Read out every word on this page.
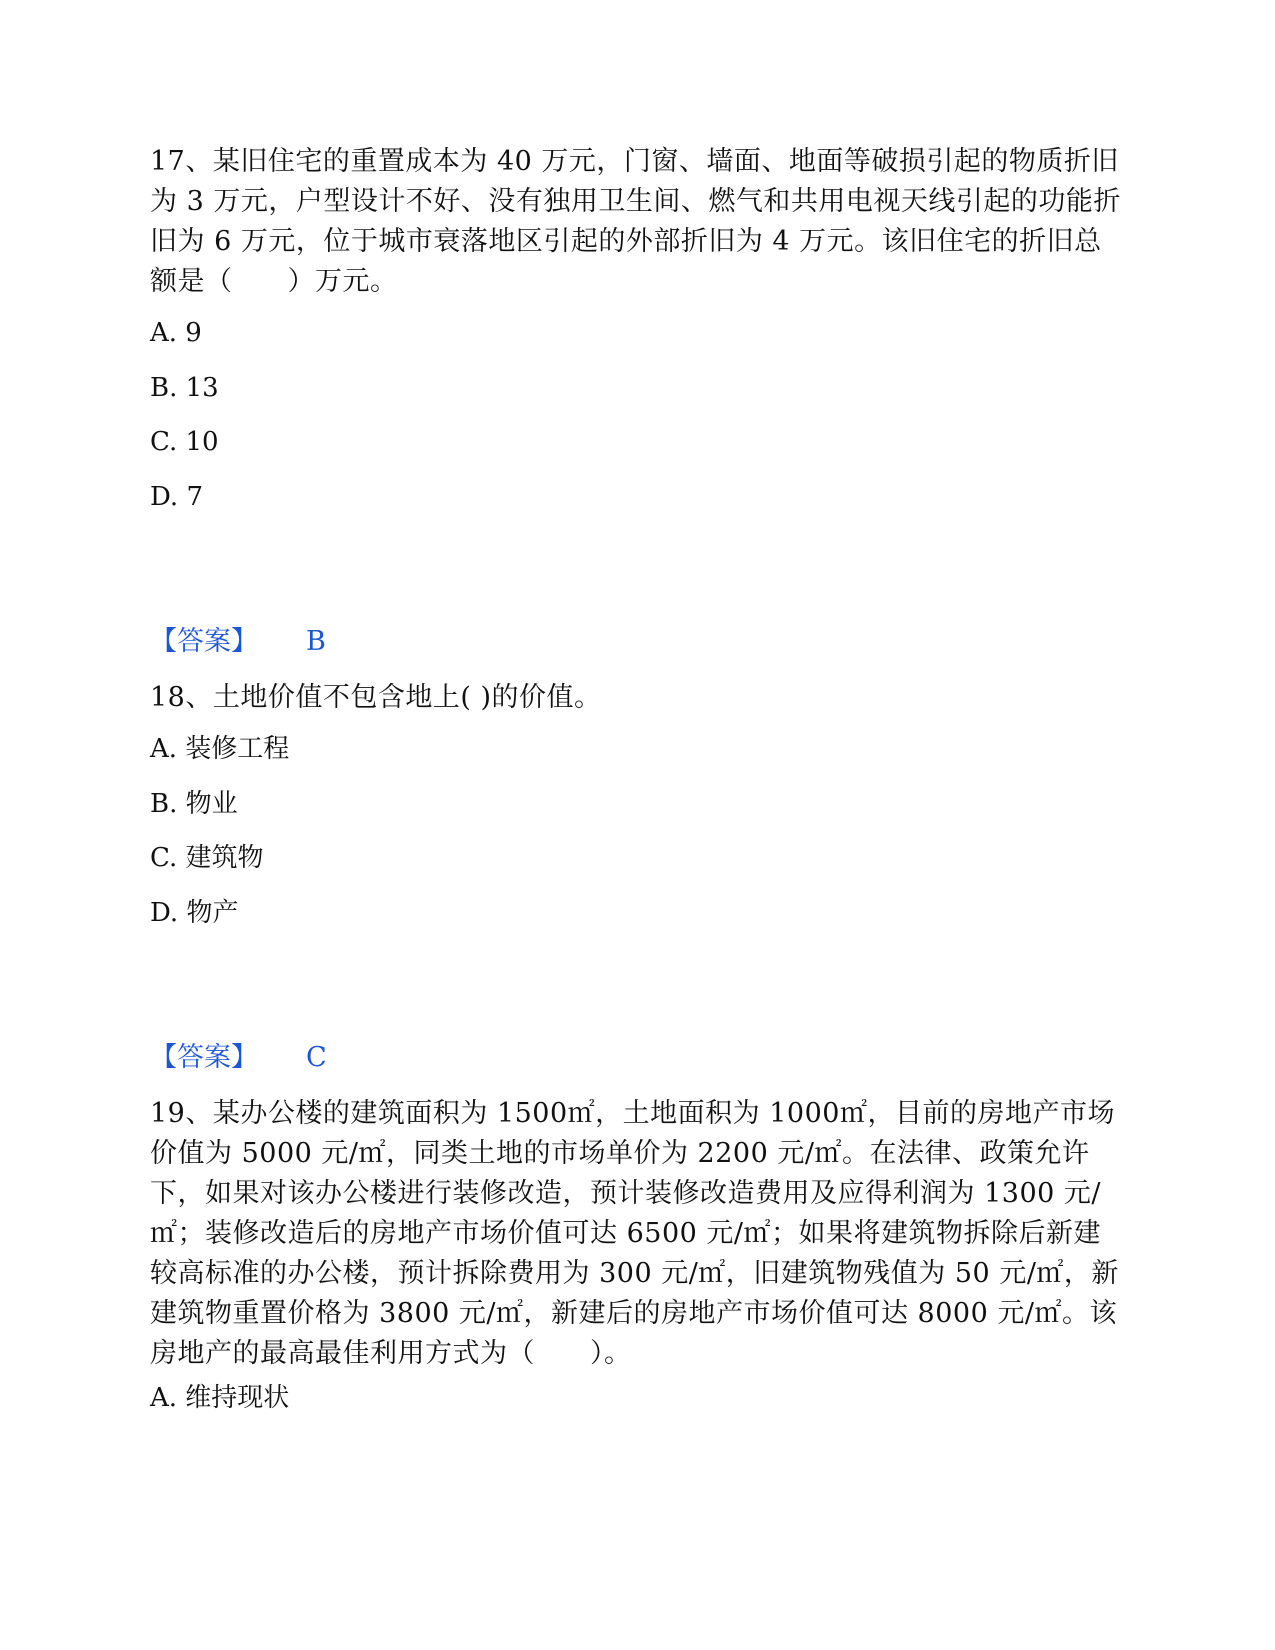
17、某旧住宅的重置成本为 40 万元，门窗、墙面、地面等破损引起的物质折旧为 3 万元，户型设计不好、没有独用卫生间、燃气和共用电视天线引起的功能折旧为 6 万元，位于城市衰落地区引起的外部折旧为 4 万元。该旧住宅的折旧总额是（　　）万元。

A. 9

B. 13

C. 10

D. 7

【答案】 B

18、土地价值不包含地上( )的价值。

A. 装修工程

B. 物业

C. 建筑物

D. 物产

【答案】 C

19、某办公楼的建筑面积为 1500㎡，土地面积为 1000㎡，目前的房地产市场价值为 5000 元/㎡，同类土地的市场单价为 2200 元/㎡。在法律、政策允许下，如果对该办公楼进行装修改造，预计装修改造费用及应得利润为 1300 元/㎡；装修改造后的房地产市场价值可达 6500 元/㎡；如果将建筑物拆除后新建较高标准的办公楼，预计拆除费用为 300 元/㎡，旧建筑物残值为 50 元/㎡，新建筑物重置价格为 3800 元/㎡，新建后的房地产市场价值可达 8000 元/㎡。该房地产的最高最佳利用方式为（　　）。

A. 维持现状
